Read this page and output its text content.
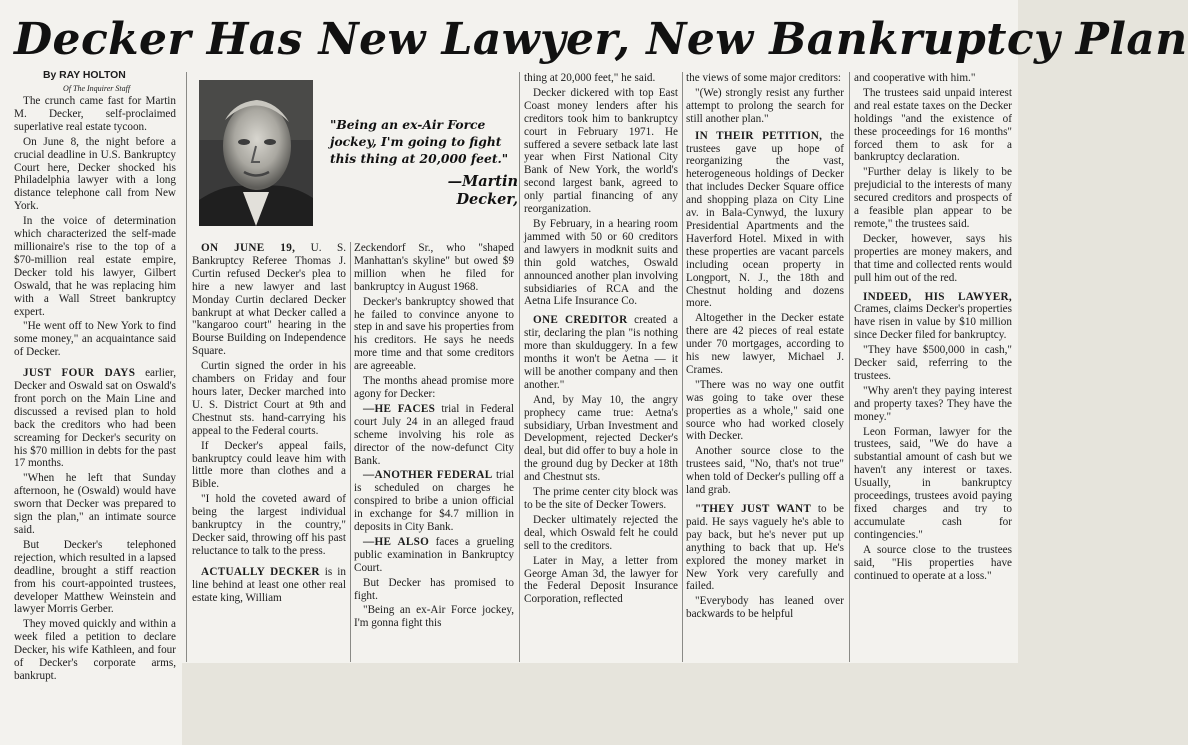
Decker Has New Lawyer, New Bankruptcy Plan

By RAY HOLTON

Of The Inquirer Staff

The crunch came fast for Martin M. Decker, self-proclaimed superlative real estate tycoon.

On June 8, the night before a crucial deadline in U.S. Bankruptcy Court here, Decker shocked his Philadelphia lawyer with a long distance telephone call from New York.

In the voice of determination which characterized the self-made millionaire's rise to the top of a $70-million real estate empire, Decker told his lawyer, Gilbert Oswald, that he was replacing him with a Wall Street bankruptcy expert.

"He went off to New York to find some money," an acquaintance said of Decker.

JUST FOUR DAYS earlier, Decker and Oswald sat on Oswald's front porch on the Main Line and discussed a revised plan to hold back the creditors who had been screaming for Decker's security on his $70 million in debts for the past 17 months.

"When he left that Sunday afternoon, he (Oswald) would have sworn that Decker was prepared to sign the plan," an intimate source said.

But Decker's telephoned rejection, which resulted in a lapsed deadline, brought a stiff reaction from his court-appointed trustees, developer Matthew Weinstein and lawyer Morris Gerber.

They moved quickly and within a week filed a petition to declare Decker, his wife Kathleen, and four of Decker's corporate arms, bankrupt.

"Being an ex-Air Force jockey, I'm going to fight this thing at 20,000 feet."

—Martin Decker,

ON JUNE 19, U. S. Bankruptcy Referee Thomas J. Curtin refused Decker's plea to hire a new lawyer and last Monday Curtin declared Decker bankrupt at what Decker called a "kangaroo court" hearing in the Bourse Building on Independence Square.

Curtin signed the order in his chambers on Friday and four hours later, Decker marched into U. S. District Court at 9th and Chestnut sts. hand-carrying his appeal to the Federal courts.

If Decker's appeal fails, bankruptcy could leave him with little more than clothes and a Bible.

"I hold the coveted award of being the largest individual bankruptcy in the country," Decker said, throwing off his past reluctance to talk to the press.

ACTUALLY DECKER is in line behind at least one other real estate king, William

Zeckendorf Sr., who "shaped Manhattan's skyline" but owed $9 million when he filed for bankruptcy in August 1968.

Decker's bankruptcy showed that he failed to convince anyone to step in and save his properties from his creditors. He says he needs more time and that some creditors are agreeable.

The months ahead promise more agony for Decker:

—HE FACES trial in Federal court July 24 in an alleged fraud scheme involving his role as director of the now-defunct City Bank.

—ANOTHER FEDERAL trial is scheduled on charges he conspired to bribe a union official in exchange for $4.7 million in deposits in City Bank.

—HE ALSO faces a grueling public examination in Bankruptcy Court.

But Decker has promised to fight.

"Being an ex-Air Force jockey, I'm gonna fight this

thing at 20,000 feet," he said.

Decker dickered with top East Coast money lenders after his creditors took him to bankruptcy court in February 1971. He suffered a severe setback late last year when First National City Bank of New York, the world's second largest bank, agreed to only partial financing of any reorganization.

By February, in a hearing room jammed with 50 or 60 creditors and lawyers in modknit suits and thin gold watches, Oswald announced another plan involving subsidiaries of RCA and the Aetna Life Insurance Co.

ONE CREDITOR created a stir, declaring the plan "is nothing more than skulduggery. In a few months it won't be Aetna — it will be another company and then another."

And, by May 10, the angry prophecy came true: Aetna's subsidiary, Urban Investment and Development, rejected Decker's deal, but did offer to buy a hole in the ground dug by Decker at 18th and Chestnut sts.

The prime center city block was to be the site of Decker Towers.

Decker ultimately rejected the deal, which Oswald felt he could sell to the creditors.

Later in May, a letter from George Aman 3d, the lawyer for the Federal Deposit Insurance Corporation, reflected

the views of some major creditors:

"(We) strongly resist any further attempt to prolong the search for still another plan."

IN THEIR PETITION, the trustees gave up hope of reorganizing the vast, heterogeneous holdings of Decker that includes Decker Square office and shopping plaza on City Line av. in Bala-Cynwyd, the luxury Presidential Apartments and the Haverford Hotel. Mixed in with these properties are vacant parcels including ocean property in Longport, N. J., the 18th and Chestnut holding and dozens more.

Altogether in the Decker estate there are 42 pieces of real estate under 70 mortgages, according to his new lawyer, Michael J. Crames.

"There was no way one outfit was going to take over these properties as a whole," said one source who had worked closely with Decker.

Another source close to the trustees said, "No, that's not true" when told of Decker's pulling off a land grab.

"THEY JUST WANT to be paid. He says vaguely he's able to pay back, but he's never put up anything to back that up. He's explored the money market in New York very carefully and failed.

"Everybody has leaned over backwards to be helpful

and cooperative with him."

The trustees said unpaid interest and real estate taxes on the Decker holdings "and the existence of these proceedings for 16 months" forced them to ask for a bankruptcy declaration.

"Further delay is likely to be prejudicial to the interests of many secured creditors and prospects of a feasible plan appear to be remote," the trustees said.

Decker, however, says his properties are money makers, and that time and collected rents would pull him out of the red.

INDEED, HIS LAWYER, Crames, claims Decker's properties have risen in value by $10 million since Decker filed for bankruptcy.

"They have $500,000 in cash," Decker said, referring to the trustees.

"Why aren't they paying interest and property taxes? They have the money."

Leon Forman, lawyer for the trustees, said, "We do have a substantial amount of cash but we haven't any interest or taxes. Usually, in bankruptcy proceedings, trustees avoid paying fixed charges and try to accumulate cash for contingencies."

A source close to the trustees said, "His properties have continued to operate at a loss."
